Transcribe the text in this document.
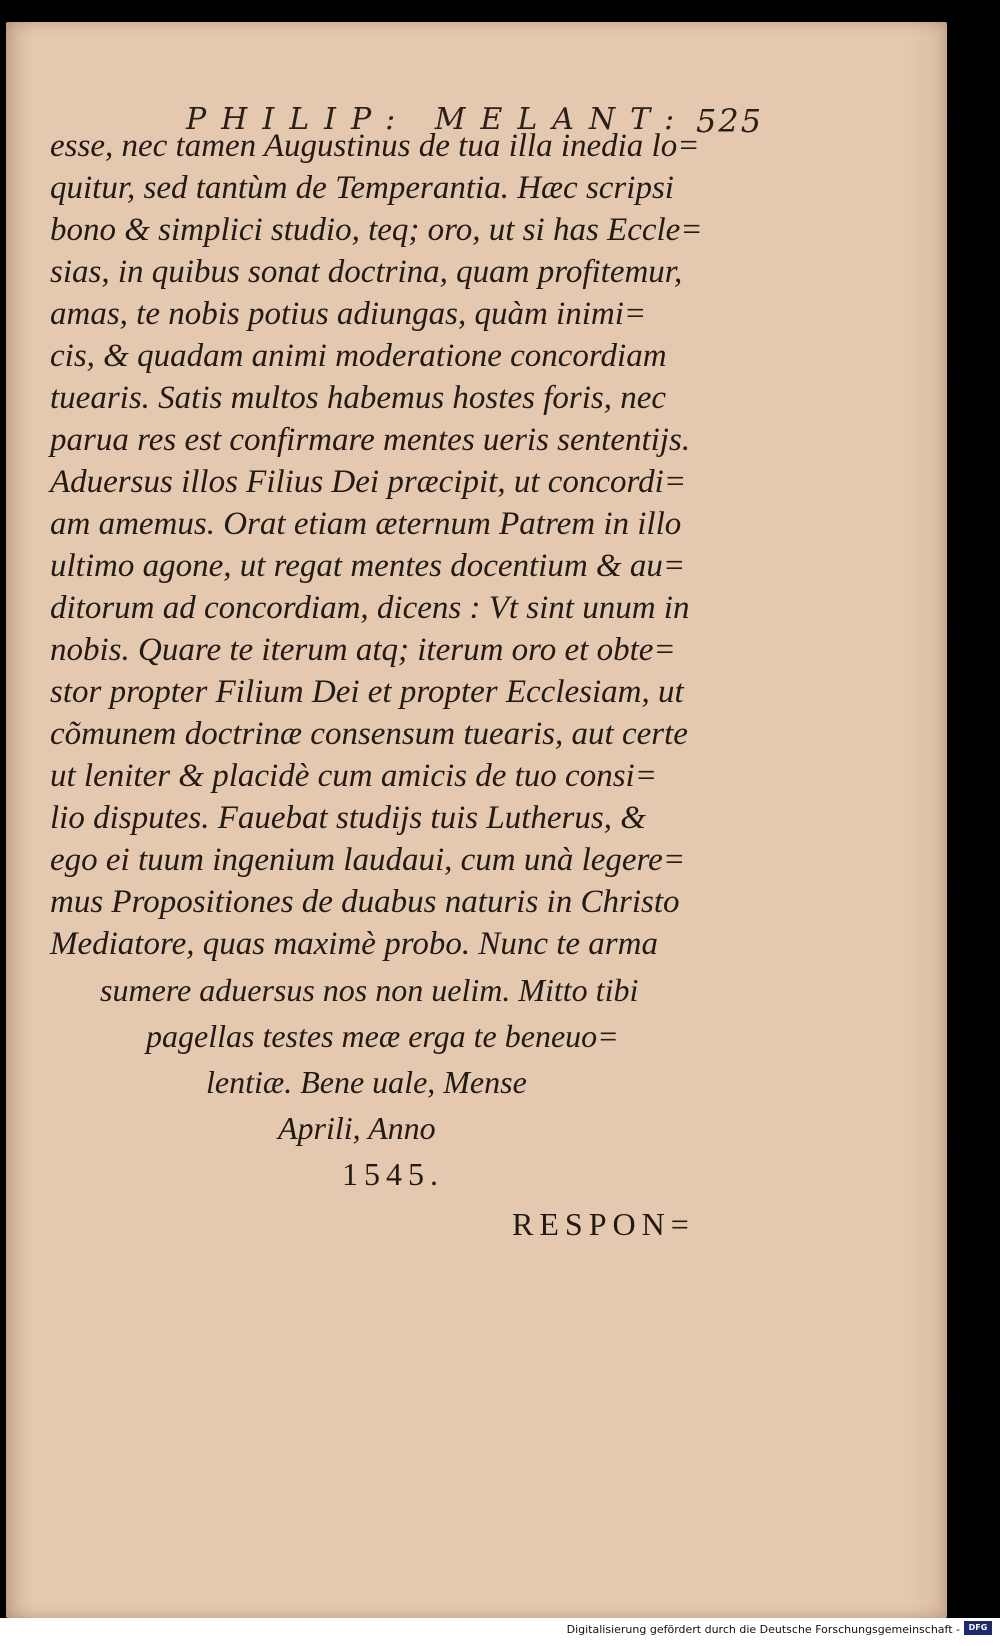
PHILIP: MELANT: 525
esse, nec tamen Augustinus de tua illa inedia lo=
quitur, sed tantùm de Temperantia. Hæc scripsi
bono & simplici studio, teq; oro, ut si has Eccle=
sias, in quibus sonat doctrina, quam profitemur,
amas, te nobis potius adiungas, quàm inimi=
cis, & quadam animi moderatione concordiam
tuearis. Satis multos habemus hostes foris, nec
parua res est confirmare mentes ueris sententijs.
Aduersus illos Filius Dei præcipit, ut concordi=
am amemus. Orat etiam æternum Patrem in illo
ultimo agone, ut regat mentes docentium & au=
ditorum ad concordiam, dicens : Vt sint unum in
nobis. Quare te iterum atq; iterum oro et obte=
stor propter Filium Dei et propter Ecclesiam, ut
cõmunem doctrinæ consensum tuearis, aut certe
ut leniter & placidè cum amicis de tuo consi=
lio disputes. Fauebat studijs tuis Lutherus, &
ego ei tuum ingenium laudaui, cum unà legere=
mus Propositiones de duabus naturis in Christo
Mediatore, quas maximè probo. Nunc te arma
sumere aduersus nos non uelim. Mitto tibi
pagellas testes meæ erga te beneuo=
lentiæ. Bene uale, Mense
Aprili, Anno
1545.
RESPON=
Digitalisierung gefördert durch die Deutsche Forschungsgemeinschaft -	DFG
